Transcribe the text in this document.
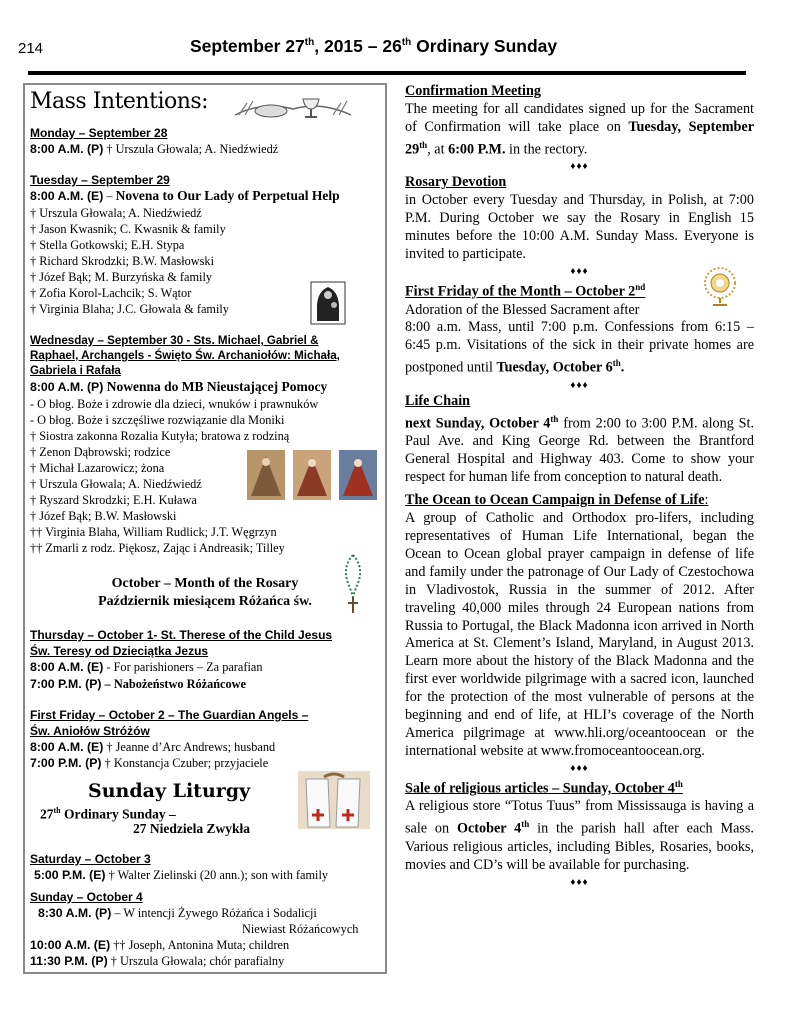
214	September 27th, 2015 – 26th Ordinary Sunday
Mass Intentions:
Monday – September 28
8:00 A.M. (P) † Urszula Głowala; A. Niedźwiedź
Tuesday – September 29
8:00 A.M. (E) – Novena to Our Lady of Perpetual Help
† Urszula Głowala; A. Niedźwiedź
† Jason Kwasnik; C. Kwasnik & family
† Stella Gotkowski; E.H. Stypa
† Richard Skrodzki; B.W. Masłowski
† Józef Bąk; M. Burzyńska & family
† Zofia Korol-Lachcik; S. Wątor
† Virginia Blaha; J.C. Głowala & family
Wednesday – September 30 - Sts. Michael, Gabriel &
Raphael, Archangels - Święto Św. Archaniołów: Michała,
Gabriela i Rafała
8:00 A.M. (P) Nowenna do MB Nieustającej Pomocy
- O błog. Boże i zdrowie dla dzieci, wnuków i prawnuków
- O błog. Boże i szczęśliwe rozwiązanie dla Moniki
† Siostra zakonna Rozalia Kutyła; bratowa z rodziną
† Zenon Dąbrowski; rodzice
† Michał Lazarowicz; żona
† Urszula Głowala; A. Niedźwiedź
† Ryszard Skrodzki; E.H. Kuława
† Józef Bąk; B.W. Masłowski
†† Virginia Blaha, William Rudlick; J.T. Węgrzyn
†† Zmarli z rodz. Piękosz, Zając i Andreasik; Tilley
October – Month of the Rosary
Październik miesiącem Różańca św.
Thursday – October 1- St. Therese of the Child Jesus
Św. Teresy od Dzieciątka Jezus
8:00 A.M. (E) - For parishioners – Za parafian
7:00 P.M. (P) – Nabożeństwo Różańcowe
First Friday – October 2 – The Guardian Angels –
Św. Aniołów Stróżów
8:00 A.M. (E) † Jeanne d’Arc Andrews; husband
7:00 P.M. (P) † Konstancja Czuber; przyjaciele
Sunday Liturgy
27th Ordinary Sunday –
27 Niedziela Zwykła
Saturday – October 3
5:00 P.M. (E) † Walter Zielinski (20 ann.); son with family
Sunday – October 4
8:30 A.M. (P) – W intencji Żywego Różańca i Sodalicji
Niewiast Różańcowych
10:00 A.M. (E) †† Joseph, Antonina Muta; children
11:30 P.M. (P) † Urszula Głowala; chór parafialny

Confirmation Meeting

The meeting for all candidates signed up for the Sacrament of Confirmation will take place on Tuesday, September 29th, at 6:00 P.M. in the rectory.

♦♦♦

Rosary Devotion

in October every Tuesday and Thursday, in Polish, at 7:00 P.M. During October we say the Rosary in English 15 minutes before the 10:00 A.M. Sunday Mass. Everyone is invited to participate.

♦♦♦

First Friday of the Month – October 2nd

Adoration of the Blessed Sacrament after

8:00 a.m. Mass, until 7:00 p.m. Confessions from 6:15 – 6:45 p.m. Visitations of the sick in their private homes are postponed until Tuesday, October 6th.

♦♦♦

Life Chain

next Sunday, October 4th from 2:00 to 3:00 P.M. along St. Paul Ave. and King George Rd. between the Brantford General Hospital and Highway 403. Come to show your respect for human life from conception to natural death.

The Ocean to Ocean Campaign in Defense of Life:

A group of Catholic and Orthodox pro-lifers, including representatives of Human Life International, began the Ocean to Ocean global prayer campaign in defense of life and family under the patronage of Our Lady of Czestochowa in Vladivostok, Russia in the summer of 2012. After traveling 40,000 miles through 24 European nations from Russia to Portugal, the Black Madonna icon arrived in North America at St. Clement’s Island, Maryland, in August 2013. Learn more about the history of the Black Madonna and the first ever worldwide pilgrimage with a sacred icon, launched for the protection of the most vulnerable of persons at the beginning and end of life, at HLI’s coverage of the North America pilgrimage at www.hli.org/oceantoocean or the international website at www.fromoceantoocean.org.

♦♦♦

Sale of religious articles – Sunday, October 4th

A religious store “Totus Tuus” from Mississauga is having a sale on October 4th in the parish hall after each Mass. Various religious articles, including Bibles, Rosaries, books, movies and CD’s will be available for purchasing.

♦♦♦
